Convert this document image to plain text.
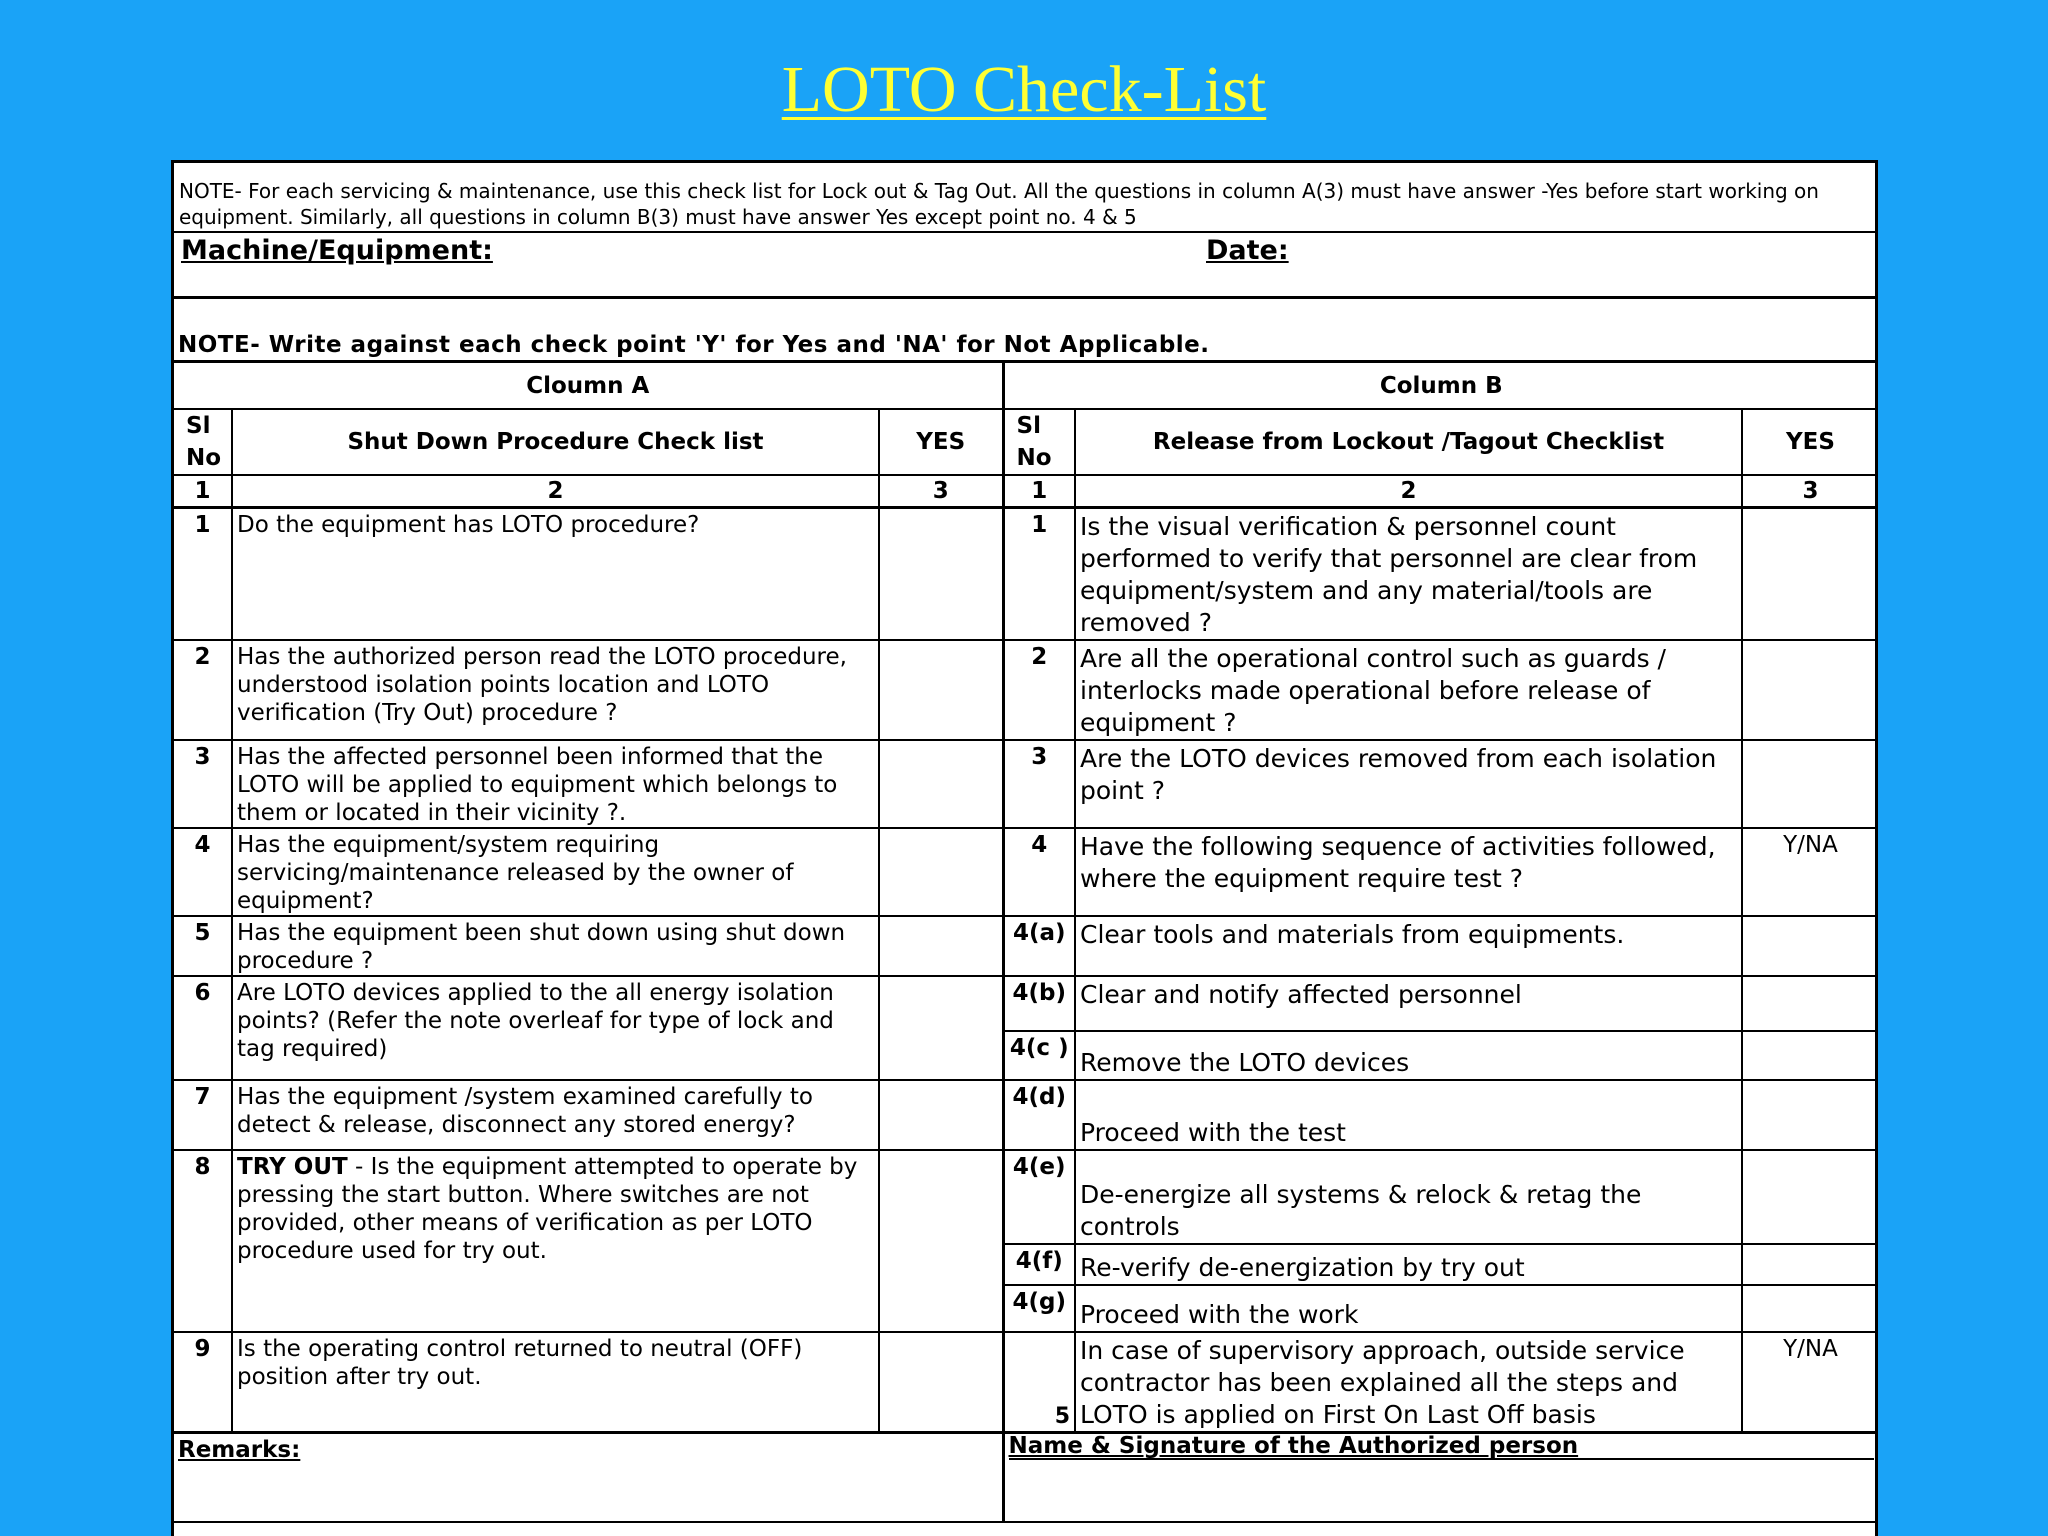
LOTO Check-List
NOTE- For each servicing & maintenance, use this check list for Lock out & Tag Out. All the questions in column A(3) must have answer -Yes before start working on equipment. Similarly, all questions in column B(3) must have answer Yes except point no. 4 & 5
Machine/Equipment:	Date:
NOTE- Write against each check point 'Y' for Yes and 'NA' for Not Applicable.
Cloumn A			Column B		
Sl No	Shut Down Procedure Check list	YES	Sl No	Release from Lockout /Tagout Checklist	YES
1	2	3	1	2	3
1	Do the equipment has LOTO procedure?		1	Is the visual verification & personnel count performed to verify that personnel are clear from equipment/system and any material/tools are removed ?	
2	Has the authorized person read the LOTO procedure, understood isolation points location and LOTO verification (Try Out) procedure ?		2	Are all the operational control such as guards / interlocks made operational before release of equipment ?	
3	Has the affected personnel been informed that the LOTO will be applied to equipment which belongs to them or located in their vicinity ?.		3	Are the LOTO devices removed from each isolation point ?	
4	Has the equipment/system requiring servicing/maintenance released by the owner of equipment?		4	Have the following sequence of activities followed, where the equipment require test ?	Y/NA
5	Has the equipment been shut down using shut down procedure ?		4(a)	Clear tools and materials from equipments.	
6	Are LOTO devices applied to the all energy isolation points? (Refer the note overleaf for type of lock and tag required)		4(b)	Clear and notify affected personnel	
			4(c )	Remove the LOTO devices	
7	Has the equipment /system examined carefully to detect & release, disconnect any stored energy?		4(d)	Proceed with the test	
8	TRY OUT - Is the equipment attempted to operate by pressing the start button. Where switches are not provided, other means of verification as per LOTO procedure used for try out.		4(e)	De-energize all systems & relock & retag the controls	
			4(f)	Re-verify de-energization by try out	
			4(g)	Proceed with the work	
9	Is the operating control returned to neutral (OFF) position after try out.		5	In case of supervisory approach, outside service contractor has been explained all the steps and LOTO is applied on First On Last Off basis	Y/NA
Remarks:			Name & Signature of the Authorized person		
